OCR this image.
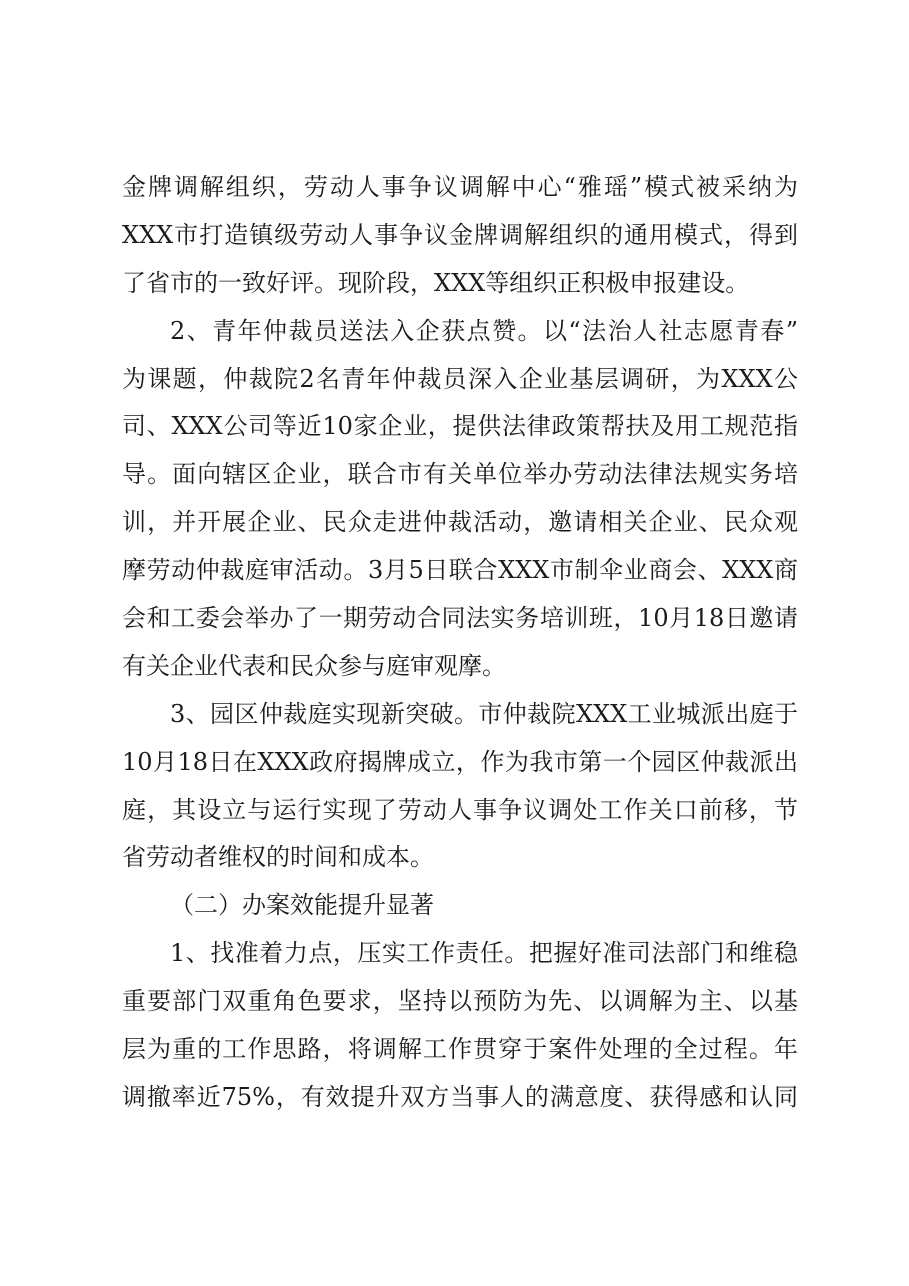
金牌调解组织，劳动人事争议调解中心“雅瑶”模式被采纳为
XXX市打造镇级劳动人事争议金牌调解组织的通用模式，得到
了省市的一致好评。现阶段，XXX等组织正积极申报建设。
2、青年仲裁员送法入企获点赞。以“法治人社志愿青春”
为课题，仲裁院2名青年仲裁员深入企业基层调研，为XXX公
司、XXX公司等近10家企业，提供法律政策帮扶及用工规范指
导。面向辖区企业，联合市有关单位举办劳动法律法规实务培
训，并开展企业、民众走进仲裁活动，邀请相关企业、民众观
摩劳动仲裁庭审活动。3月5日联合XXX市制伞业商会、XXX商
会和工委会举办了一期劳动合同法实务培训班，10月18日邀请
有关企业代表和民众参与庭审观摩。
3、园区仲裁庭实现新突破。市仲裁院XXX工业城派出庭于
10月18日在XXX政府揭牌成立，作为我市第一个园区仲裁派出
庭，其设立与运行实现了劳动人事争议调处工作关口前移，节
省劳动者维权的时间和成本。
（二）办案效能提升显著
1、找准着力点，压实工作责任。把握好准司法部门和维稳
重要部门双重角色要求，坚持以预防为先、以调解为主、以基
层为重的工作思路，将调解工作贯穿于案件处理的全过程。年
调撤率近75%，有效提升双方当事人的满意度、获得感和认同
